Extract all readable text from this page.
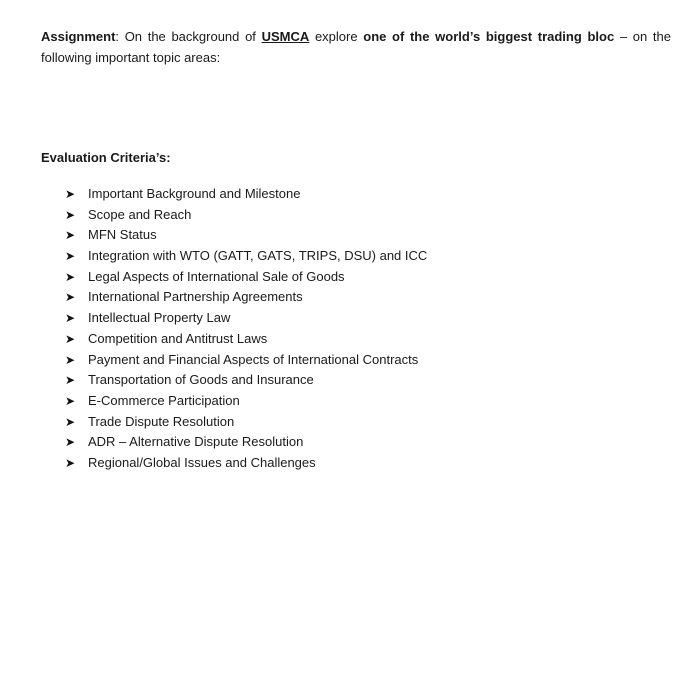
Assignment: On the background of USMCA explore one of the world’s biggest trading bloc – on the following important topic areas:

Evaluation Criteria’s:
➤ Important Background and Milestone
➤ Scope and Reach
➤ MFN Status
➤ Integration with WTO (GATT, GATS, TRIPS, DSU) and ICC
➤ Legal Aspects of International Sale of Goods
➤ International Partnership Agreements
➤ Intellectual Property Law
➤ Competition and Antitrust Laws
➤ Payment and Financial Aspects of International Contracts
➤ Transportation of Goods and Insurance
➤ E-Commerce Participation
➤ Trade Dispute Resolution
➤ ADR – Alternative Dispute Resolution
➤ Regional/Global Issues and Challenges
